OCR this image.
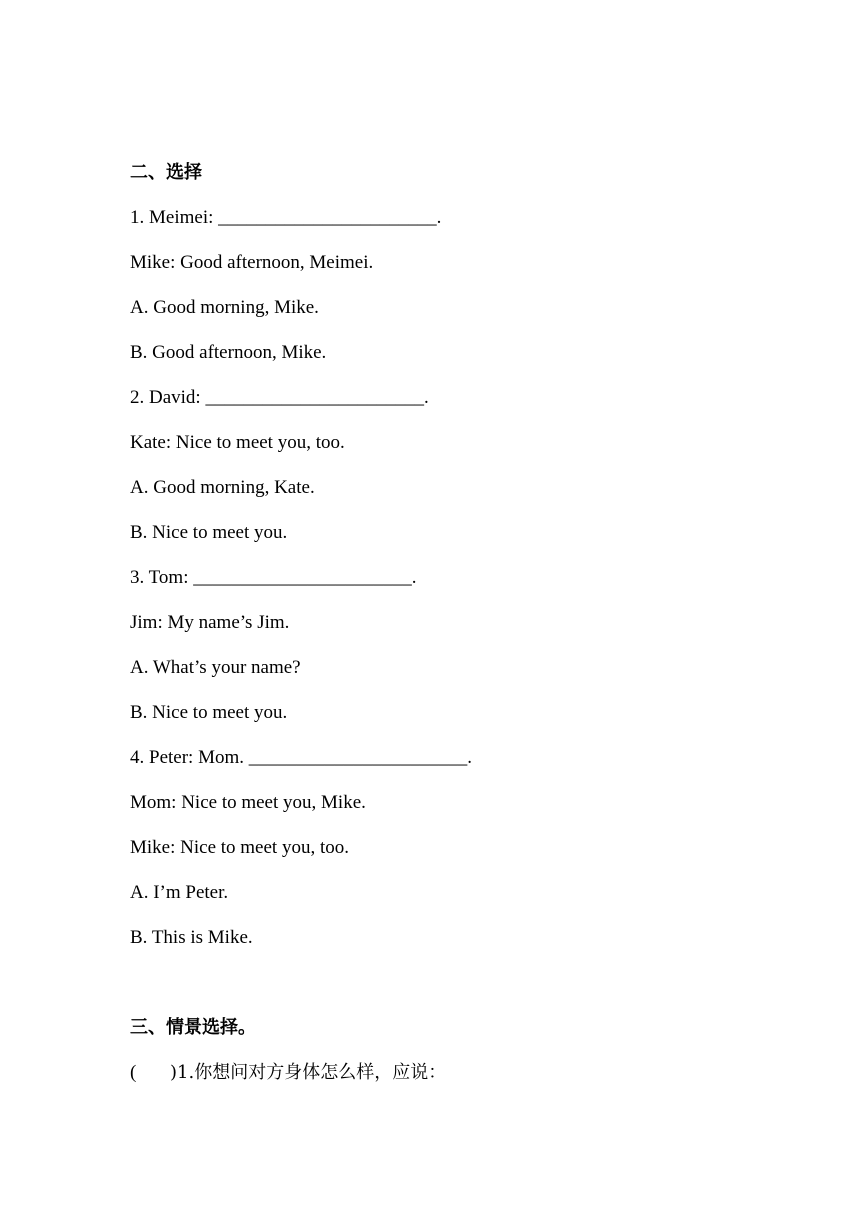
二、选择
1. Meimei: _______________________.
Mike: Good afternoon, Meimei.
A. Good morning, Mike.
B. Good afternoon, Mike.
2. David: _______________________.
Kate: Nice to meet you, too.
A. Good morning, Kate.
B. Nice to meet you.
3. Tom: _______________________.
Jim: My name’s Jim.
A. What’s your name?
B. Nice to meet you.
4. Peter: Mom. _______________________.
Mom: Nice to meet you, Mike.
Mike: Nice to meet you, too.
A. I’m Peter.
B. This is Mike.
三、情景选择。
( )1.你想问对方身体怎么样，应说：
